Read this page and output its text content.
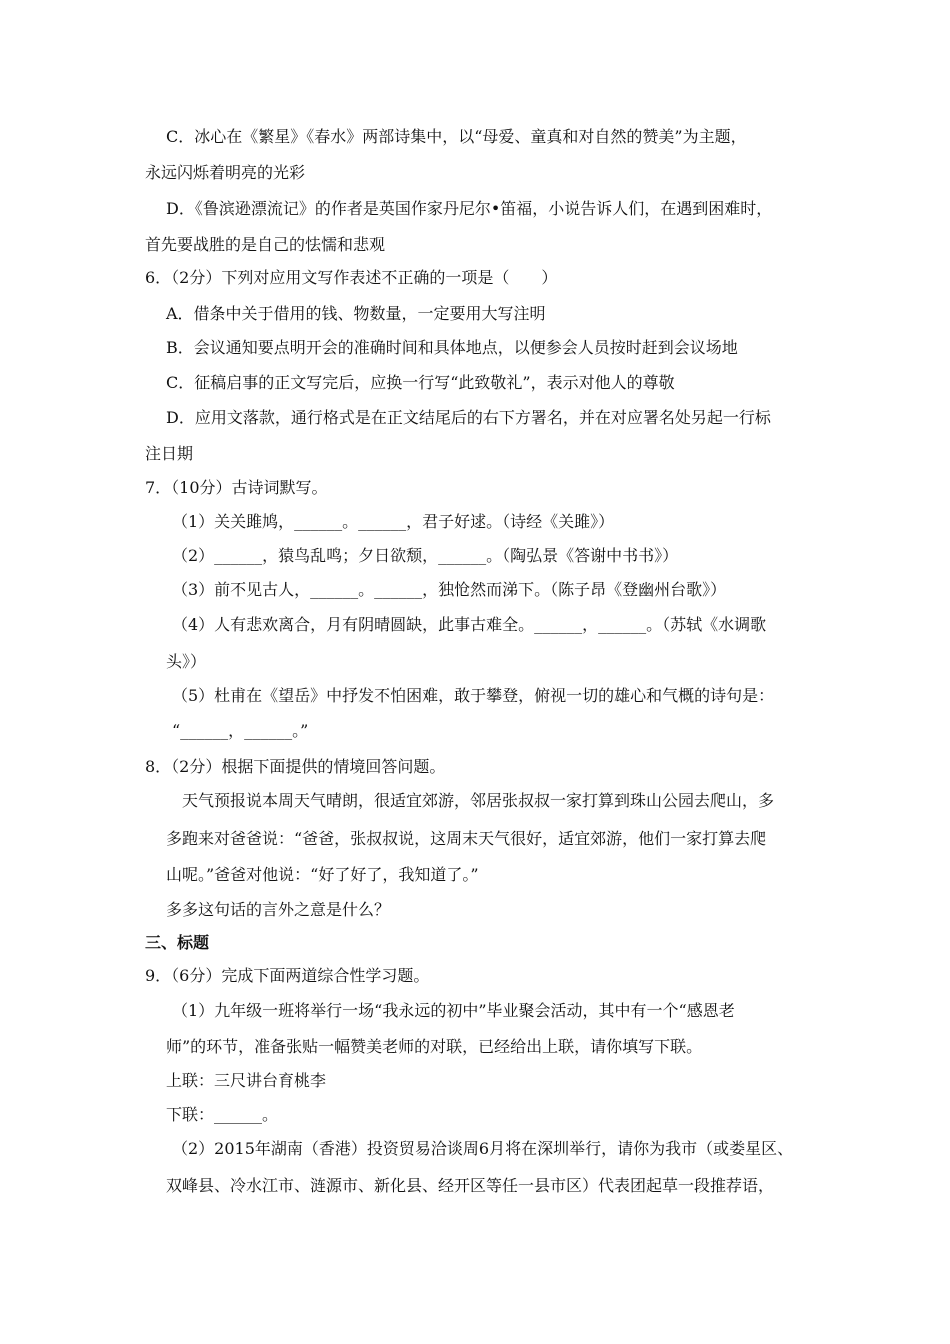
C．冰心在《繁星》《春水》两部诗集中，以“母爱、童真和对自然的赞美”为主题，
永远闪烁着明亮的光彩
D．《鲁滨逊漂流记》的作者是英国作家丹尼尔•笛福，小说告诉人们，在遇到困难时，
首先要战胜的是自己的怯懦和悲观
6．（2分）下列对应用文写作表述不正确的一项是（　　）
A．借条中关于借用的钱、物数量，一定要用大写注明
B．会议通知要点明开会的准确时间和具体地点，以便参会人员按时赶到会议场地
C．征稿启事的正文写完后，应换一行写“此致敬礼”，表示对他人的尊敬
D．应用文落款，通行格式是在正文结尾后的右下方署名，并在对应署名处另起一行标
注日期
7．（10分）古诗词默写。
（1）关关雎鸠，______。______，君子好逑。（诗经《关雎》）
（2）______，猿鸟乱鸣；夕日欲颓，______。（陶弘景《答谢中书书》）
（3）前不见古人，______。______，独怆然而涕下。（陈子昂《登幽州台歌》）
（4）人有悲欢离合，月有阴晴圆缺，此事古难全。______，______。（苏轼《水调歌
头》）
（5）杜甫在《望岳》中抒发不怕困难，敢于攀登，俯视一切的雄心和气概的诗句是：
“______，______。”
8．（2分）根据下面提供的情境回答问题。
天气预报说本周天气晴朗，很适宜郊游，邻居张叔叔一家打算到珠山公园去爬山，多
多跑来对爸爸说：“爸爸，张叔叔说，这周末天气很好，适宜郊游，他们一家打算去爬
山呢。”爸爸对他说：“好了好了，我知道了。”
多多这句话的言外之意是什么？
三、标题
9．（6分）完成下面两道综合性学习题。
（1）九年级一班将举行一场“我永远的初中”毕业聚会活动，其中有一个“感恩老
师”的环节，准备张贴一幅赞美老师的对联，已经给出上联，请你填写下联。
上联：三尺讲台育桃李
下联：______。
（2）2015年湖南（香港）投资贸易洽谈周6月将在深圳举行，请你为我市（或娄星区、
双峰县、冷水江市、涟源市、新化县、经开区等任一县市区）代表团起草一段推荐语，
